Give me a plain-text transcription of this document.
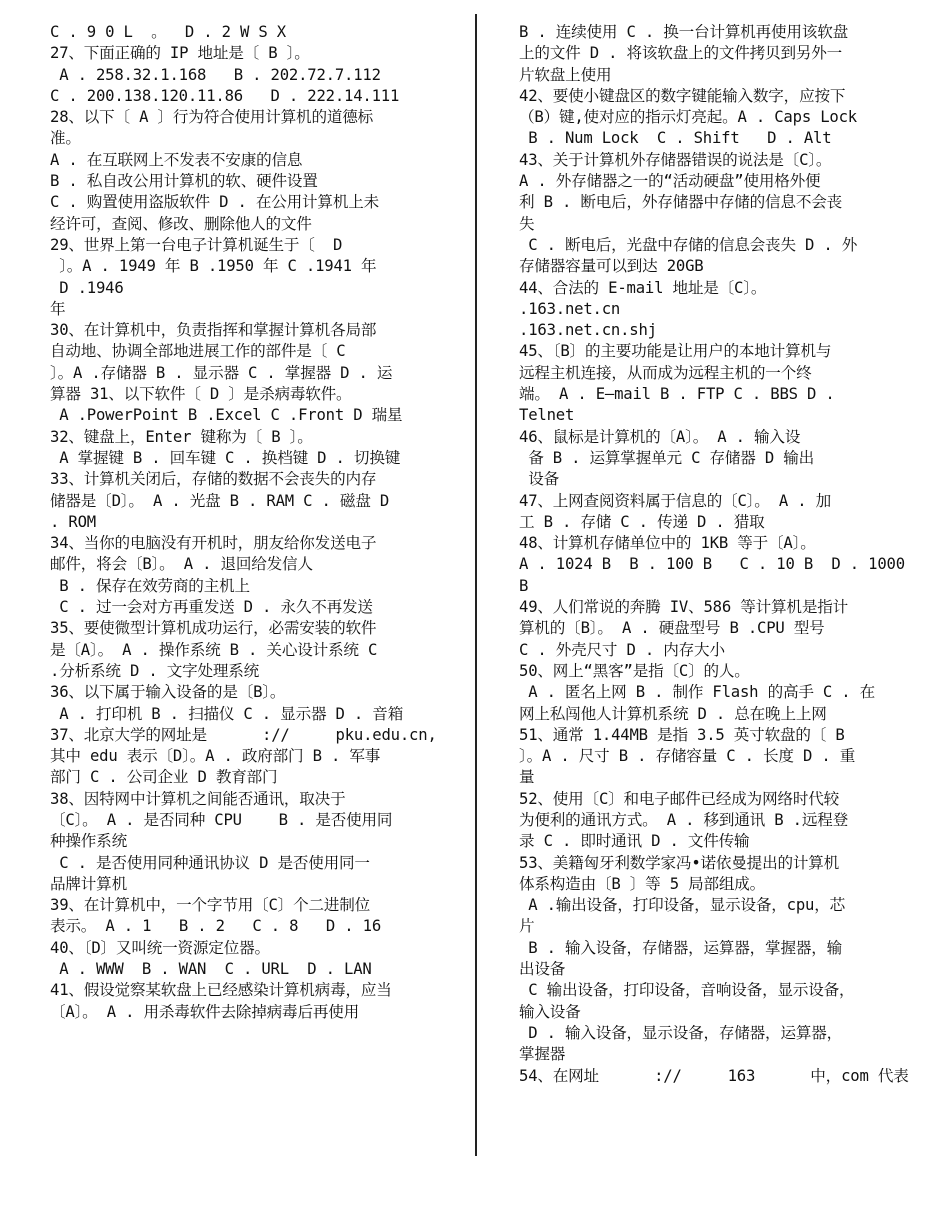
C . 9 0 L  。  D . 2 W S X
27、下面正确的 IP 地址是〔 B 〕。
A . 258.32.1.168   B . 202.72.7.112
C . 200.138.120.11.86   D . 222.14.111
28、以下〔 A 〕行为符合使用计算机的道德标
准。
A . 在互联网上不发表不安康的信息
B . 私自改公用计算机的软、硬件设置
C . 购置使用盗版软件 D . 在公用计算机上未
经许可，查阅、修改、删除他人的文件
29、世界上第一台电子计算机诞生于〔  D
〕。A . 1949 年 B .1950 年 C .1941 年
D .1946
年
30、在计算机中，负责指挥和掌握计算机各局部
自动地、协调全部地进展工作的部件是〔 C
〕。A .存储器 B . 显示器 C . 掌握器 D . 运
算器 31、以下软件〔 D 〕是杀病毒软件。
A .PowerPoint B .Excel C .Front D 瑞星
32、键盘上，Enter 键称为〔 B 〕。
A 掌握键 B . 回车键 C . 换档键 D . 切换键
33、计算机关闭后，存储的数据不会丧失的内存
储器是〔D〕。 A . 光盘 B . RAM C . 磁盘 D
. ROM
34、当你的电脑没有开机时，朋友给你发送电子
邮件，将会〔B〕。 A . 退回给发信人
B . 保存在效劳商的主机上
C . 过一会对方再重发送 D . 永久不再发送
35、要使微型计算机成功运行，必需安装的软件
是〔A〕。 A . 操作系统 B . 关心设计系统 C
.分析系统 D . 文字处理系统
36、以下属于输入设备的是〔B〕。
A . 打印机 B . 扫描仪 C . 显示器 D . 音箱
37、北京大学的网址是      ://     pku.edu.cn,
其中 edu 表示〔D〕。A . 政府部门 B . 军事
部门 C . 公司企业 D 教育部门
38、因特网中计算机之间能否通讯，取决于
〔C〕。 A . 是否同种 CPU    B . 是否使用同
种操作系统
C . 是否使用同种通讯协议 D 是否使用同一
品牌计算机
39、在计算机中，一个字节用〔C〕个二进制位
表示。 A . 1   B . 2   C . 8   D . 16
40、〔D〕又叫统一资源定位器。
A . WWW  B . WAN  C . URL  D . LAN
41、假设觉察某软盘上已经感染计算机病毒，应当
〔A〕。 A . 用杀毒软件去除掉病毒后再使用
B . 连续使用 C . 换一台计算机再使用该软盘
上的文件 D . 将该软盘上的文件拷贝到另外一
片软盘上使用
42、要使小键盘区的数字键能输入数字，应按下
（B）键,使对应的指示灯亮起。A . Caps Lock
B . Num Lock  C . Shift   D . Alt
43、关于计算机外存储器错误的说法是〔C〕。
A . 外存储器之一的“活动硬盘”使用格外便
利 B . 断电后，外存储器中存储的信息不会丧
失
C . 断电后，光盘中存储的信息会丧失 D . 外
存储器容量可以到达 20GB
44、合法的 E-mail 地址是〔C〕。
.163.net.cn
.163.net.cn.shj
45、〔B〕的主要功能是让用户的本地计算机与
远程主机连接，从而成为远程主机的一个终
端。 A . E—mail B . FTP C . BBS D .
Telnet
46、鼠标是计算机的〔A〕。 A . 输入设
备 B . 运算掌握单元 C 存储器 D 输出
设备
47、上网查阅资料属于信息的〔C〕。 A . 加
工 B . 存储 C . 传递 D . 猎取
48、计算机存储单位中的 1KB 等于〔A〕。
A . 1024 B  B . 100 B   C . 10 B  D . 1000
B
49、人们常说的奔腾 IV、586 等计算机是指计
算机的〔B〕。 A . 硬盘型号 B .CPU 型号
C . 外壳尺寸 D . 内存大小
50、网上“黑客”是指〔C〕的人。
A . 匿名上网 B . 制作 Flash 的高手 C . 在
网上私闯他人计算机系统 D . 总在晚上上网
51、通常 1.44MB 是指 3.5 英寸软盘的〔 B
〕。A . 尺寸 B . 存储容量 C . 长度 D . 重
量
52、使用〔C〕和电子邮件已经成为网络时代较
为便利的通讯方式。 A . 移到通讯 B .远程登
录 C . 即时通讯 D . 文件传输
53、美籍匈牙利数学家冯•诺依曼提出的计算机
体系构造由〔B 〕等 5 局部组成。
A .输出设备，打印设备，显示设备，cpu，芯
片
B . 输入设备，存储器，运算器，掌握器，输
出设备
C 输出设备，打印设备，音响设备，显示设备，
输入设备
D . 输入设备，显示设备，存储器，运算器，
掌握器
54、在网址      ://     163      中，com 代表
